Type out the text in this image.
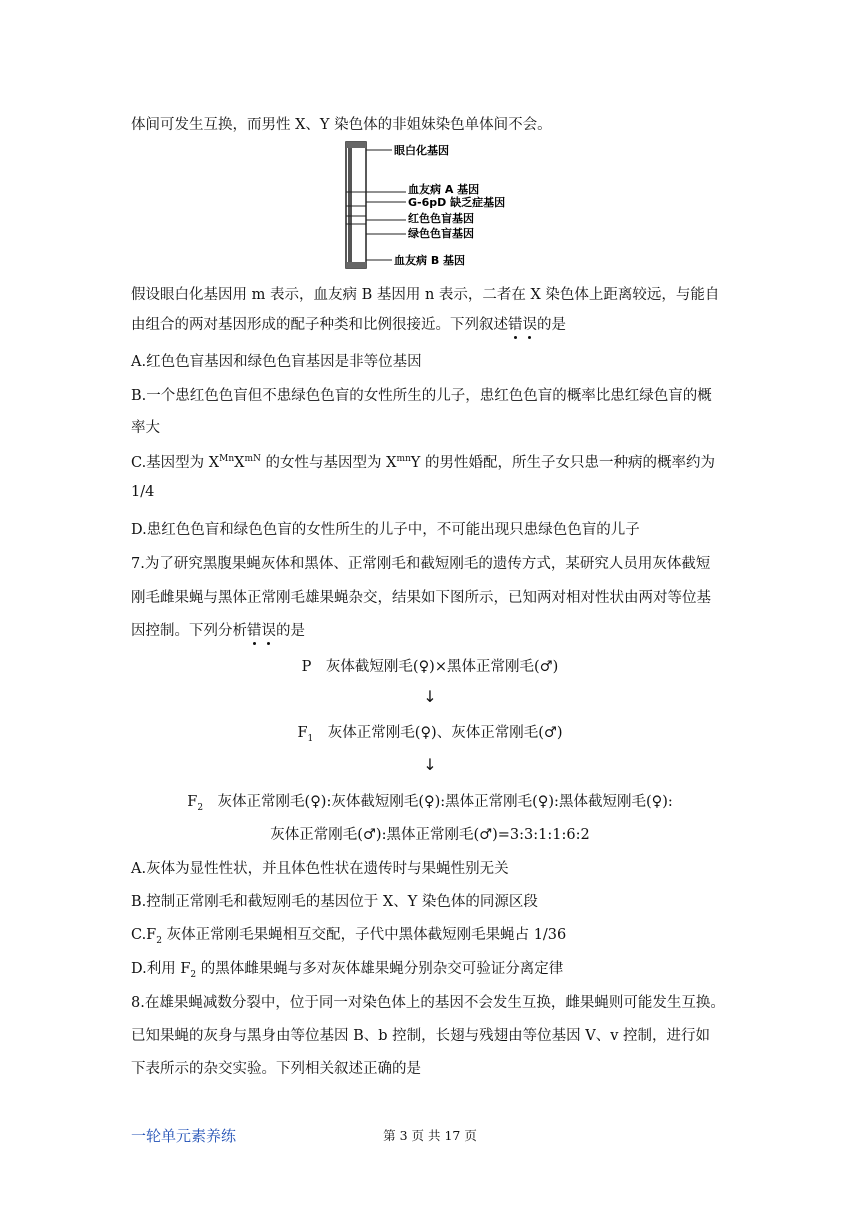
体间可发生互换，而男性 X、Y 染色体的非姐妹染色单体间不会。
眼白化基因
血友病 A 基因
G-6pD 缺乏症基因
红色色盲基因
绿色色盲基因
血友病 B 基因
假设眼白化基因用 m 表示，血友病 B 基因用 n 表示，二者在 X 染色体上距离较远，与能自
由组合的两对基因形成的配子种类和比例很接近。下列叙述错误的是
A.红色色盲基因和绿色色盲基因是非等位基因
B.一个患红色色盲但不患绿色色盲的女性所生的儿子，患红色色盲的概率比患红绿色盲的概
率大
C.基因型为 $X^{Mn}X^{mN}$ 的女性与基因型为 $X^{mn}Y$ 的男性婚配，所生子女只患一种病的概率约为
1/4
D.患红色色盲和绿色色盲的女性所生的儿子中，不可能出现只患绿色色盲的儿子
7.为了研究黑腹果蝇灰体和黑体、正常刚毛和截短刚毛的遗传方式，某研究人员用灰体截短
刚毛雌果蝇与黑体正常刚毛雄果蝇杂交，结果如下图所示，已知两对相对性状由两对等位基
因控制。下列分析错误的是
P　灰体截短刚毛(♀)×黑体正常刚毛(♂)
↓
$F_1$　灰体正常刚毛(♀)、灰体正常刚毛(♂)
↓
$F_2$　灰体正常刚毛(♀):灰体截短刚毛(♀):黑体正常刚毛(♀):黑体截短刚毛(♀):
灰体正常刚毛(♂):黑体正常刚毛(♂)=3:3:1:1:6:2
A.灰体为显性性状，并且体色性状在遗传时与果蝇性别无关
B.控制正常刚毛和截短刚毛的基因位于 X、Y 染色体的同源区段
$C.F_2$ 灰体正常刚毛果蝇相互交配，子代中黑体截短刚毛果蝇占 1/36
D.利用 $F_2$ 的黑体雌果蝇与多对灰体雄果蝇分别杂交可验证分离定律
8.在雄果蝇减数分裂中，位于同一对染色体上的基因不会发生互换，雌果蝇则可能发生互换。
已知果蝇的灰身与黑身由等位基因 B、b 控制，长翅与残翅由等位基因 V、v 控制，进行如
下表所示的杂交实验。下列相关叙述正确的是
一轮单元素养练	第 3 页 共 17 页
